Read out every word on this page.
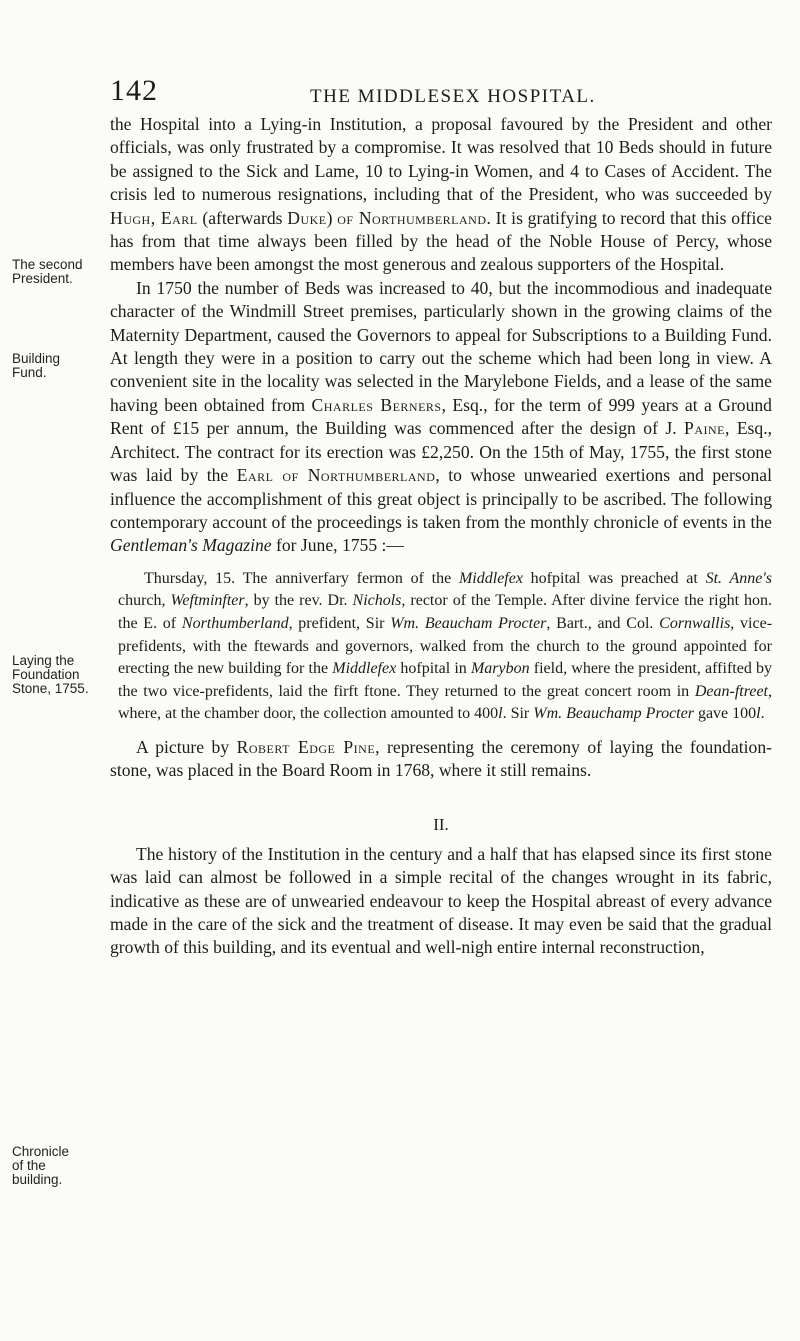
142	THE MIDDLESEX HOSPITAL.
The second
President.
Building
Fund.
Laying the
Foundation
Stone, 1755.
Chronicle
of the
building.

the Hospital into a Lying-in Institution, a proposal favoured by the President and other officials, was only frustrated by a compromise. It was resolved that 10 Beds should in future be assigned to the Sick and Lame, 10 to Lying-in Women, and 4 to Cases of Accident. The crisis led to numerous resignations, including that of the President, who was succeeded by Hugh, Earl (afterwards Duke) of Northumberland. It is gratifying to record that this office has from that time always been filled by the head of the Noble House of Percy, whose members have been amongst the most generous and zealous supporters of the Hospital.

In 1750 the number of Beds was increased to 40, but the incommodious and inadequate character of the Windmill Street premises, particularly shown in the growing claims of the Maternity Department, caused the Governors to appeal for Subscriptions to a Building Fund. At length they were in a position to carry out the scheme which had been long in view. A convenient site in the locality was selected in the Marylebone Fields, and a lease of the same having been obtained from Charles Berners, Esq., for the term of 999 years at a Ground Rent of £15 per annum, the Building was commenced after the design of J. Paine, Esq., Architect. The contract for its erection was £2,250. On the 15th of May, 1755, the first stone was laid by the Earl of Northumberland, to whose unwearied exertions and personal influence the accomplishment of this great object is principally to be ascribed. The following contemporary account of the proceedings is taken from the monthly chronicle of events in the Gentleman's Magazine for June, 1755 :—

Thursday, 15. The anniverfary fermon of the Middlefex hofpital was preached at St. Anne's church, Weftminfter, by the rev. Dr. Nichols, rector of the Temple. After divine fervice the right hon. the E. of Northumberland, prefident, Sir Wm. Beaucham Procter, Bart., and Col. Cornwallis, vice-prefidents, with the ftewards and governors, walked from the church to the ground appointed for erecting the new building for the Middlefex hofpital in Marybon field, where the president, affifted by the two vice-prefidents, laid the firft ftone. They returned to the great concert room in Dean-ftreet, where, at the chamber door, the collection amounted to 400l. Sir Wm. Beauchamp Procter gave 100l.

A picture by Robert Edge Pine, representing the ceremony of laying the foundation-stone, was placed in the Board Room in 1768, where it still remains.

II.

The history of the Institution in the century and a half that has elapsed since its first stone was laid can almost be followed in a simple recital of the changes wrought in its fabric, indicative as these are of unwearied endeavour to keep the Hospital abreast of every advance made in the care of the sick and the treatment of disease. It may even be said that the gradual growth of this building, and its eventual and well-nigh entire internal reconstruction,
